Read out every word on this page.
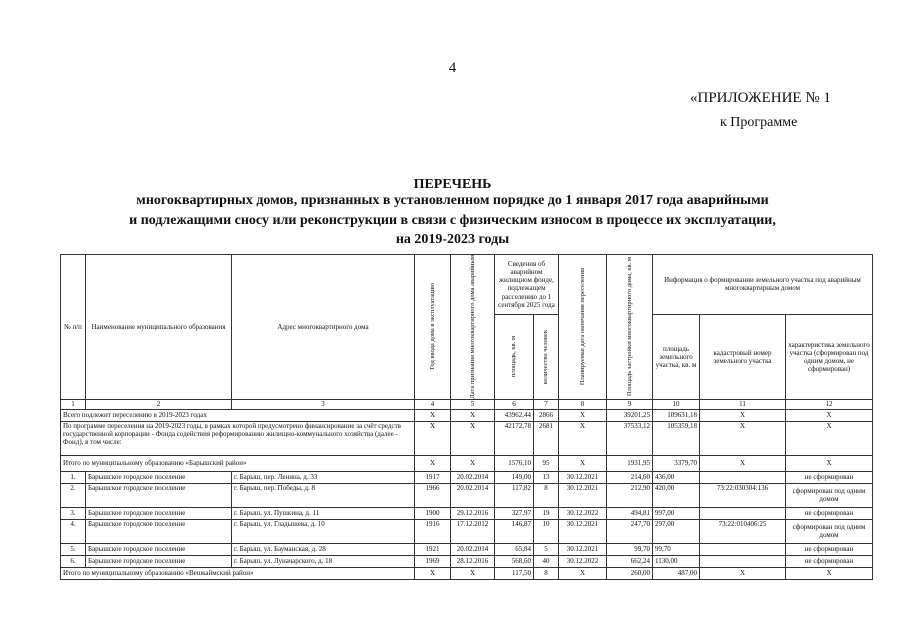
4
«ПРИЛОЖЕНИЕ № 1
к Программе
ПЕРЕЧЕНЬ
многоквартирных домов, признанных в установленном порядке до 1 января 2017 года аварийными
и подлежащими сносу или реконструкции в связи с физическим износом в процессе их эксплуатации,
на 2019-2023 годы
№ п/п	Наименование муниципального образования	Адрес многоквартирного дома	Год ввода дома в эксплуатацию	Дата признания многоквартирного дома аварийным	Сведения об аварийном жилищном фонде, подлежащем расселению до 1 сентября 2025 года		Планируемая дата окончания переселения	Площадь застройки многоквартирного дома, кв. м	Информация о формировании земельного участка под аварийным многоквартирным домом		

					площадь, кв. м	количество человек			площадь земельного участка, кв. м	кадастровый номер земельного участка	характеристика земельного участка (сформирован под одним домом, не сформирован)
1	2	3	4	5	6	7	8	9	10	11	12
Всего подлежит переселению в 2019-2023 годах			X	X	43962,44	2866	X	39201,25	109631,18	X	X
По программе переселения на 2019-2023 годы, в рамках которой предусмотрено финансирование за счёт средств государственной корпорации - Фонда содействия реформированию жилищно-коммунального хозяйства (далее - Фонд), в том числе:			X	X	42172,78	2681	X	37533,12	105359,18	X	X
Итого по муниципальному образованию «Барышский район»			X	X	1576,10	95	X	1931,95	3379,70	X	X
1.	Барышское городское поселение	г. Барыш, пер. Ленина, д. 33	1917	20.02.2014	149,00	13	30.12.2021	214,60	436,00		не сформирован
2.	Барышское городское поселение	г. Барыш, пер. Победы, д. 8	1966	20.02.2014	117,82	8	30.12.2021	212,90	420,00	73:22:030304:136	сформирован под одним домом
3.	Барышское городское поселение	г. Барыш, ул. Пушкина, д. 11	1900	29.12.2016	327,97	19	30.12.2022	494,81	997,00		не сформирован
4.	Барышское городское поселение	г. Барыш, ул. Гладышева, д. 10	1916	17.12.2012	146,87	10	30.12.2021	247,70	297,00	73:22:010406:25	сформирован под одним домом
5.	Барышское городское поселение	г. Барыш, ул. Бауманская, д. 28	1921	20.02.2014	65,84	5	30.12.2021	99,70	99,70		не сформирован
6.	Барышское городское поселение	г. Барыш, ул. Луначарского, д. 18	1969	28.12.2016	568,60	40	30.12.2022	662,24	1130,00		не сформирован
Итого по муниципальному образованию «Вешкаймский район»			X	X	117,50	8	X	260,00	487,00	X	X
